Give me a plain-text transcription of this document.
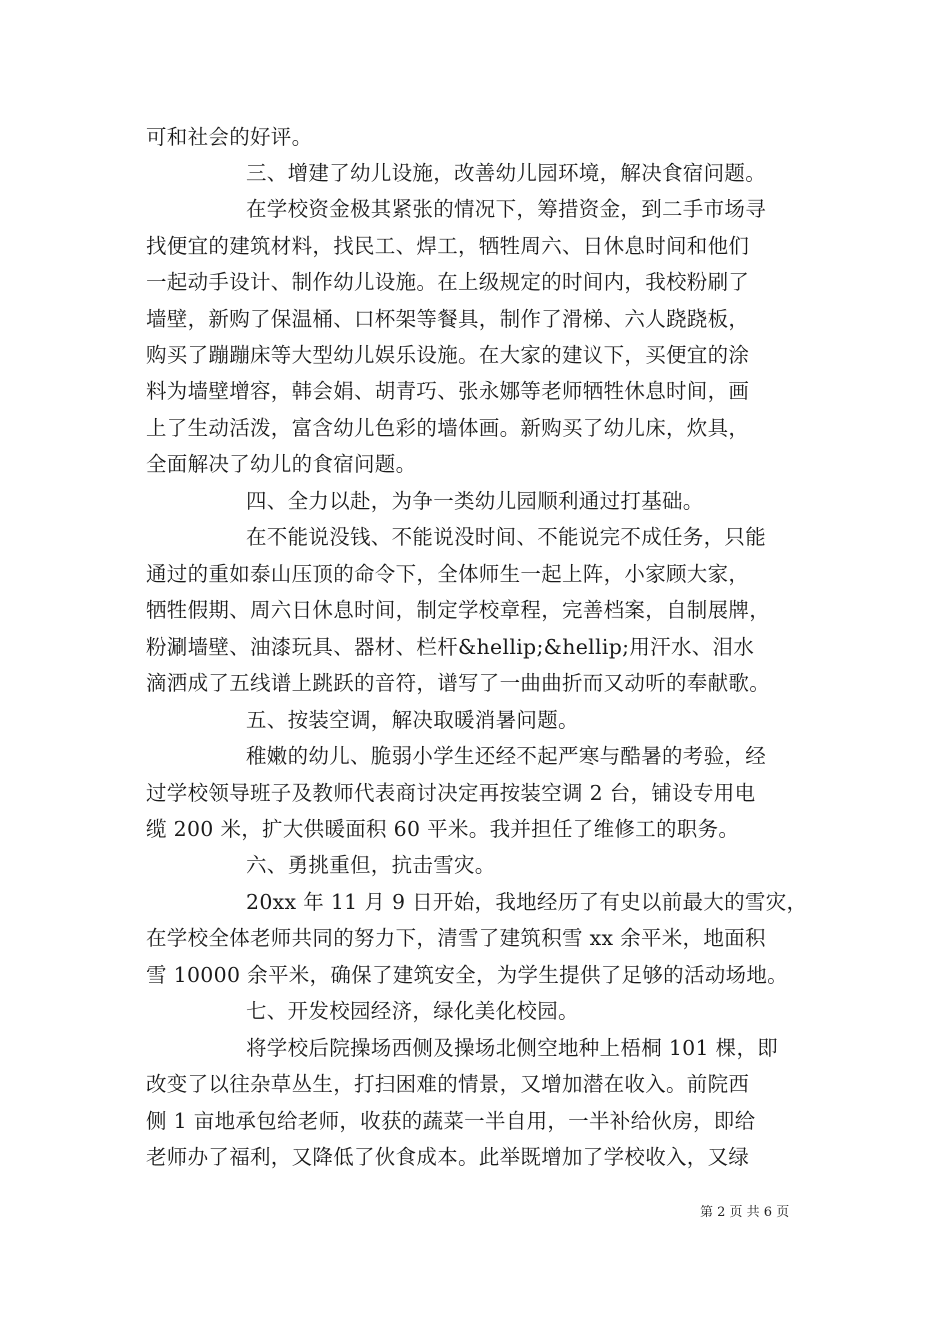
可和社会的好评。
三、增建了幼儿设施，改善幼儿园环境，解决食宿问题。
在学校资金极其紧张的情况下，筹措资金，到二手市场寻
找便宜的建筑材料，找民工、焊工，牺牲周六、日休息时间和他们
一起动手设计、制作幼儿设施。在上级规定的时间内，我校粉刷了
墙壁，新购了保温桶、口杯架等餐具，制作了滑梯、六人跷跷板，
购买了蹦蹦床等大型幼儿娱乐设施。在大家的建议下，买便宜的涂
料为墙壁增容，韩会娟、胡青巧、张永娜等老师牺牲休息时间，画
上了生动活泼，富含幼儿色彩的墙体画。新购买了幼儿床，炊具，
全面解决了幼儿的食宿问题。
四、全力以赴，为争一类幼儿园顺利通过打基础。
在不能说没钱、不能说没时间、不能说完不成任务，只能
通过的重如泰山压顶的命令下，全体师生一起上阵，小家顾大家，
牺牲假期、周六日休息时间，制定学校章程，完善档案，自制展牌，
粉涮墙壁、油漆玩具、器材、栏杆&hellip;&hellip;用汗水、泪水
滴洒成了五线谱上跳跃的音符，谱写了一曲曲折而又动听的奉献歌。
五、按装空调，解决取暖消暑问题。
稚嫩的幼儿、脆弱小学生还经不起严寒与酷暑的考验，经
过学校领导班子及教师代表商讨决定再按装空调 2 台，铺设专用电
缆 200 米，扩大供暖面积 60 平米。我并担任了维修工的职务。
六、勇挑重但，抗击雪灾。
20xx 年 11 月 9 日开始，我地经历了有史以前最大的雪灾，
在学校全体老师共同的努力下，清雪了建筑积雪 xx 余平米，地面积
雪 10000 余平米，确保了建筑安全，为学生提供了足够的活动场地。
七、开发校园经济，绿化美化校园。
将学校后院操场西侧及操场北侧空地种上梧桐 101 棵，即
改变了以往杂草丛生，打扫困难的情景，又增加潜在收入。前院西
侧 1 亩地承包给老师，收获的蔬菜一半自用，一半补给伙房，即给
老师办了福利，又降低了伙食成本。此举既增加了学校收入，又绿
第 2 页 共 6 页
